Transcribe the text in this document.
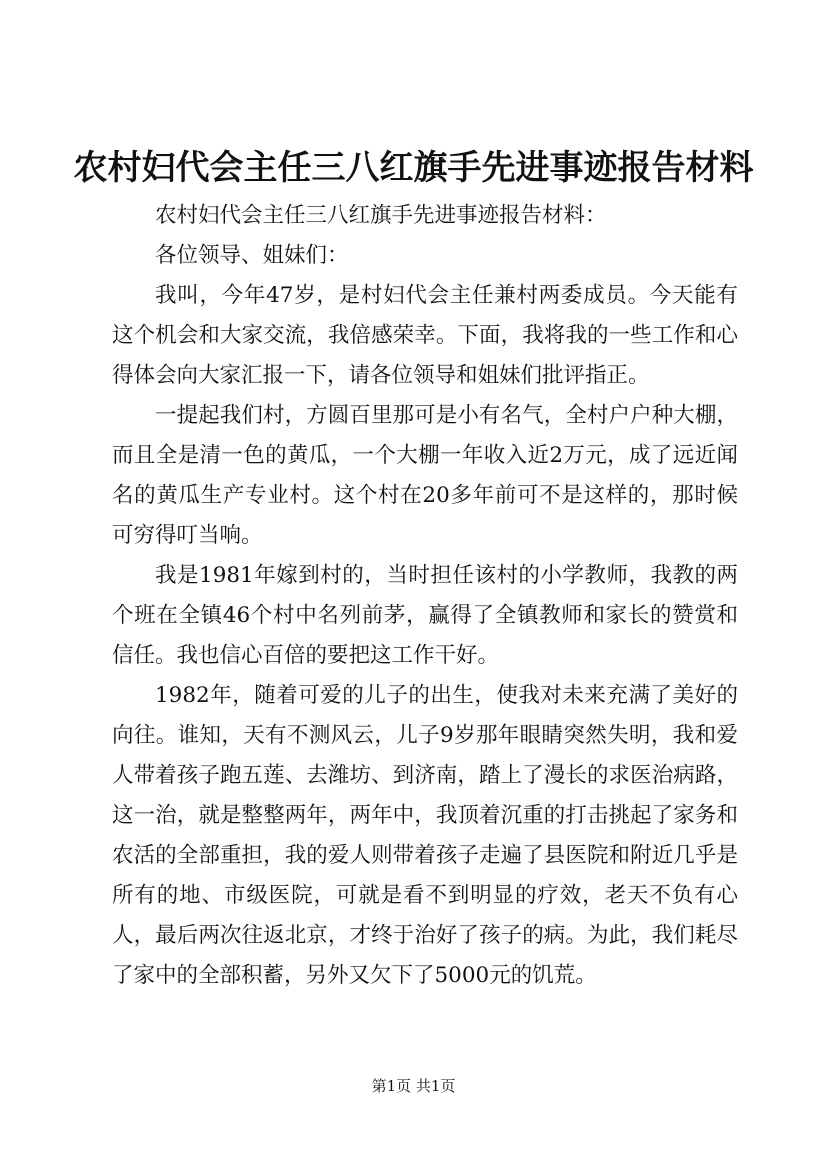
农村妇代会主任三八红旗手先进事迹报告材料

农村妇代会主任三八红旗手先进事迹报告材料：

各位领导、姐妹们：

我叫，今年47岁，是村妇代会主任兼村两委成员。今天能有这个机会和大家交流，我倍感荣幸。下面，我将我的一些工作和心得体会向大家汇报一下，请各位领导和姐妹们批评指正。

一提起我们村，方圆百里那可是小有名气，全村户户种大棚，而且全是清一色的黄瓜，一个大棚一年收入近2万元，成了远近闻名的黄瓜生产专业村。这个村在20多年前可不是这样的，那时候可穷得叮当响。

我是1981年嫁到村的，当时担任该村的小学教师，我教的两个班在全镇46个村中名列前茅，赢得了全镇教师和家长的赞赏和信任。我也信心百倍的要把这工作干好。

1982年，随着可爱的儿子的出生，使我对未来充满了美好的向往。谁知，天有不测风云，儿子9岁那年眼睛突然失明，我和爱人带着孩子跑五莲、去潍坊、到济南，踏上了漫长的求医治病路，这一治，就是整整两年，两年中，我顶着沉重的打击挑起了家务和农活的全部重担，我的爱人则带着孩子走遍了县医院和附近几乎是所有的地、市级医院，可就是看不到明显的疗效，老天不负有心人，最后两次往返北京，才终于治好了孩子的病。为此，我们耗尽了家中的全部积蓄，另外又欠下了5000元的饥荒。

第1页 共1页
